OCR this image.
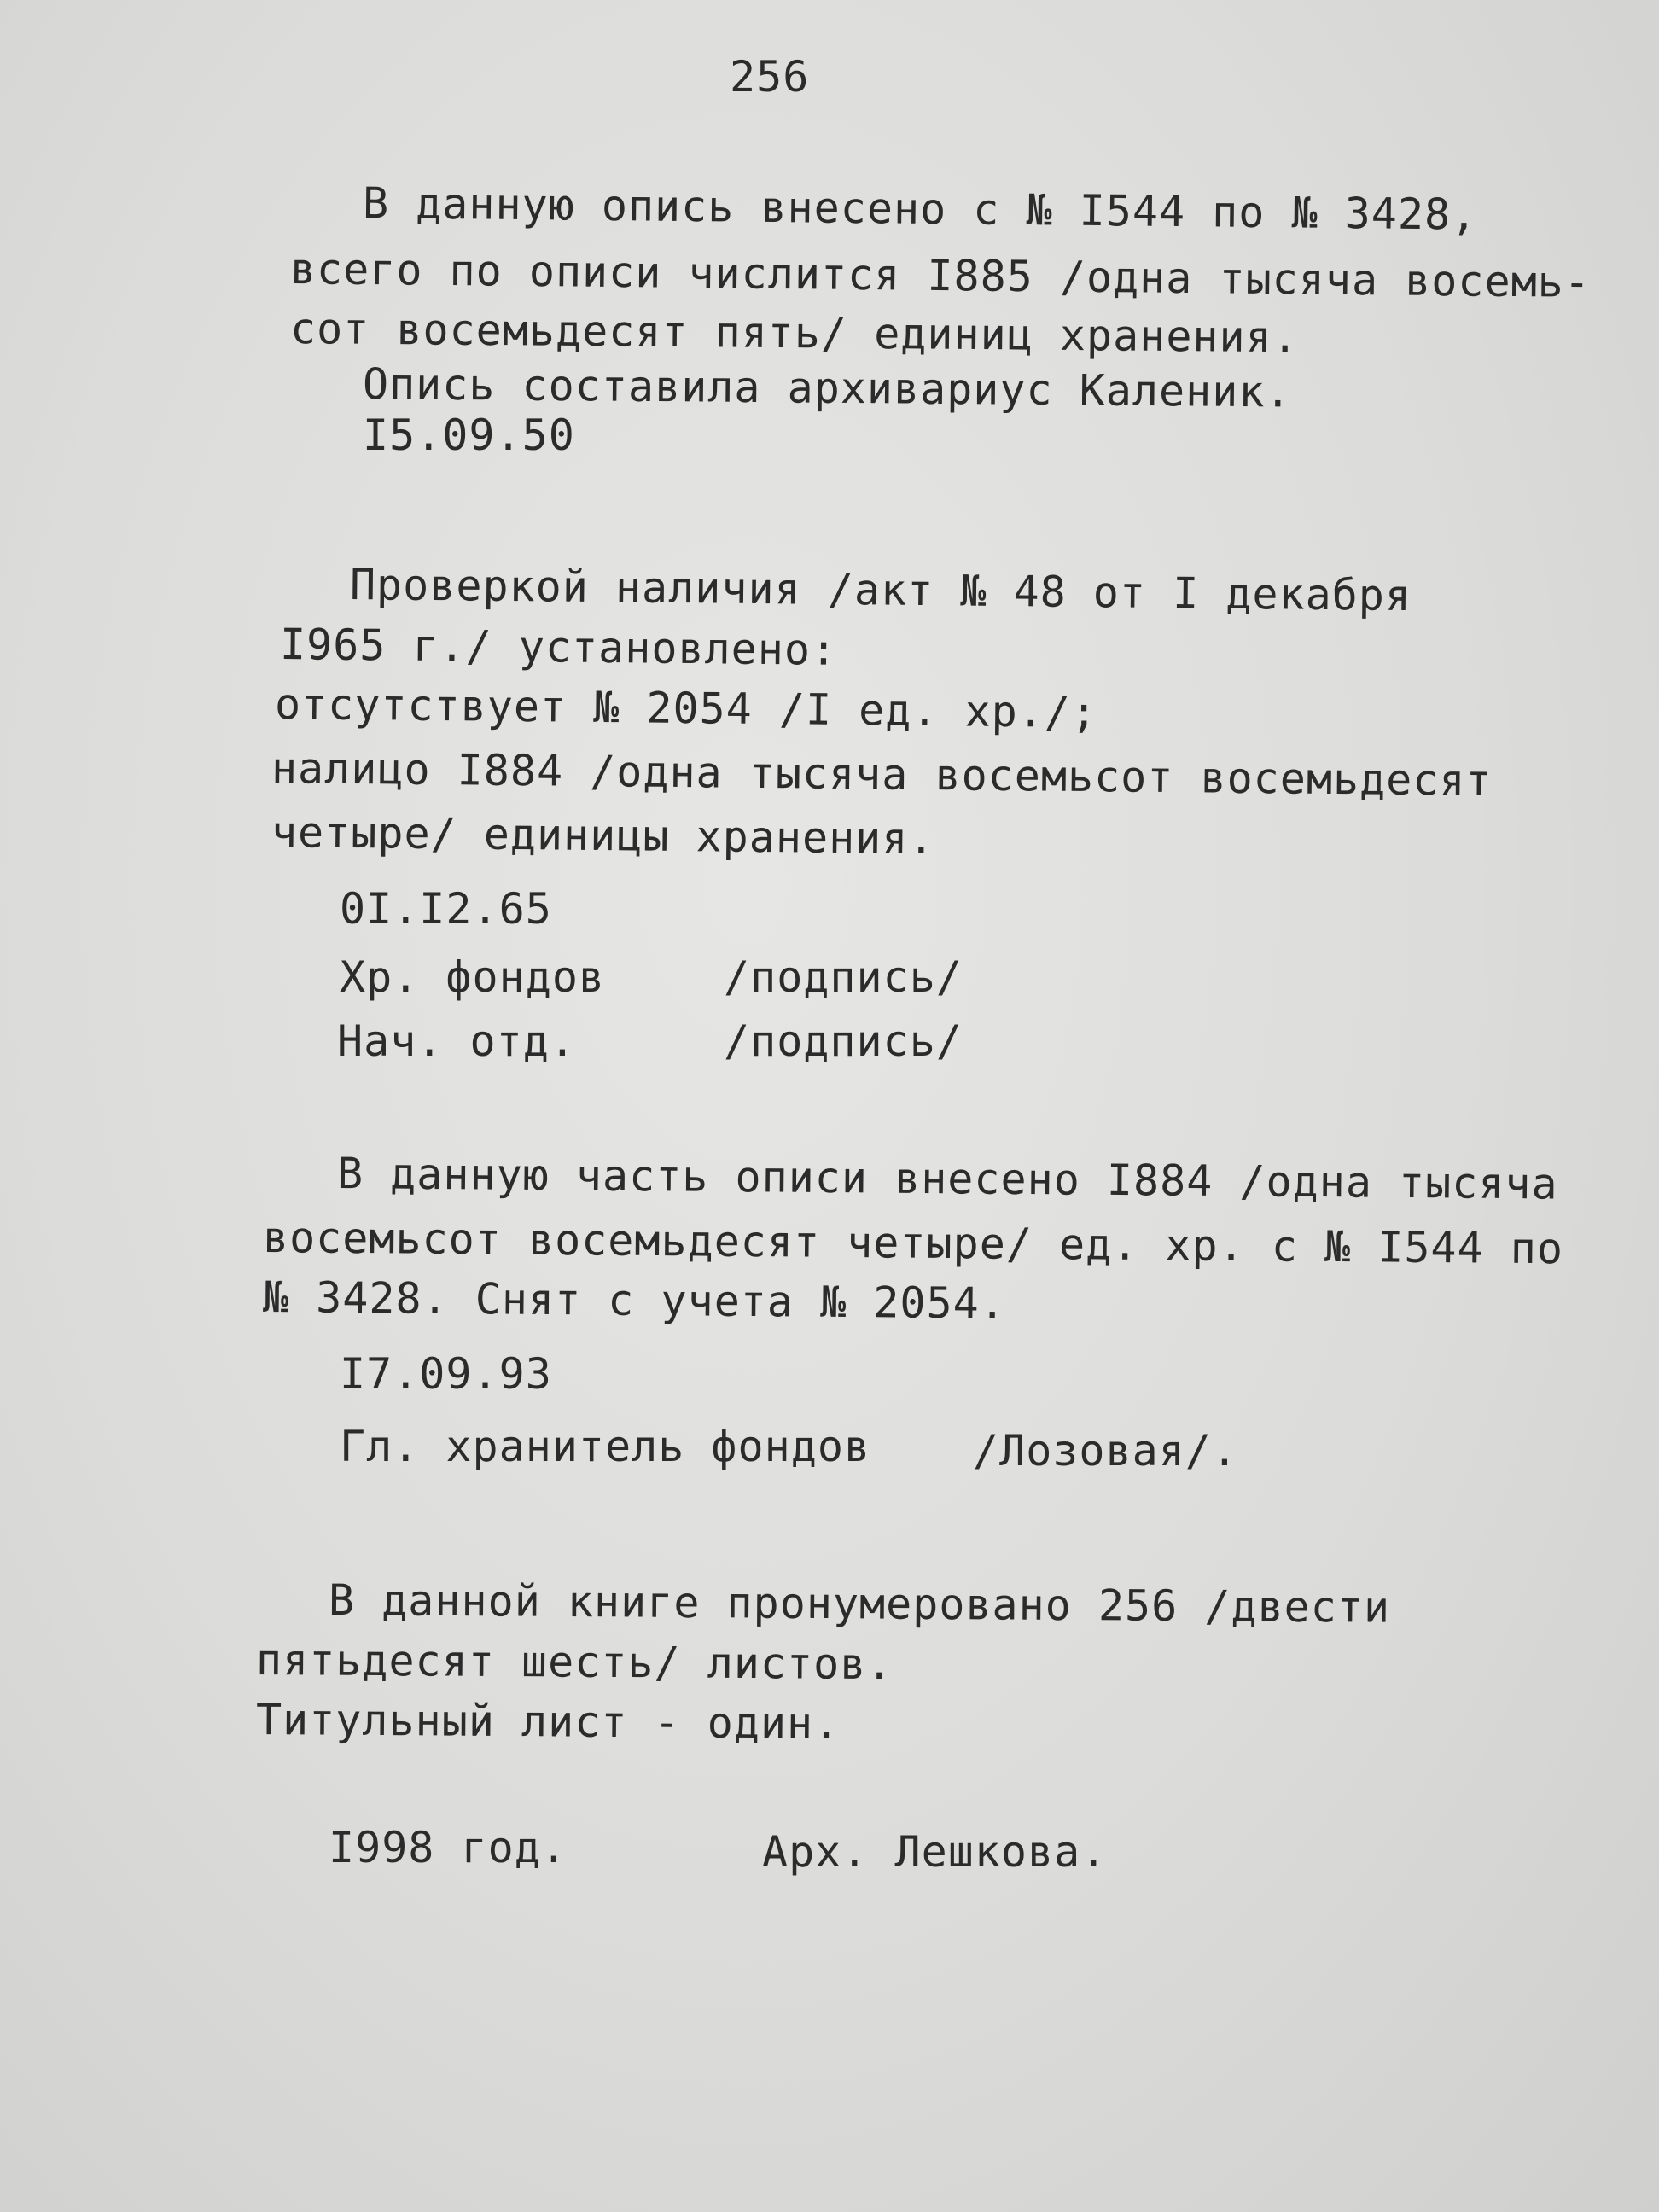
256
В данную опись внесено с № I544 по № 3428,
всего по описи числится I885 /одна тысяча восемь-
сот восемьдесят пять/ единиц хранения.
Опись составила архивариус Каленик.
I5.09.50
Проверкой наличия /акт № 48 от I декабря
I965 г./ установлено:
отсутствует № 2054 /I ед. хр./;
налицо I884 /одна тысяча восемьсот восемьдесят
четыре/ единицы хранения.
0I.I2.65
Хр. фондов	/подпись/
Нач. отд.	/подпись/
В данную часть описи внесено I884 /одна тысяча
восемьсот восемьдесят четыре/ ед. хр. с № I544 по
№ 3428. Снят с учета № 2054.
I7.09.93
Гл. хранитель фондов /Лозовая/.
В данной книге пронумеровано 256 /двести
пятьдесят шесть/ листов.
Титульный лист - один.
I998 год.	Арх. Лешкова.
